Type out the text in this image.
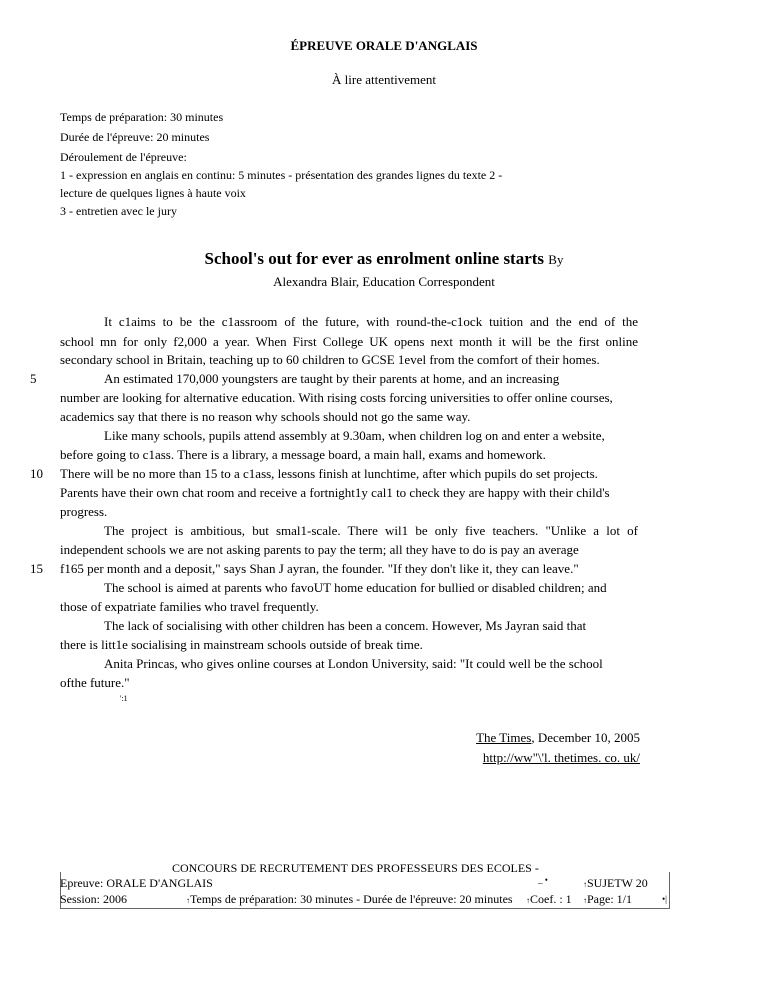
ÉPREUVE ORALE D'ANGLAIS
À lire attentivement
Temps de préparation: 30 minutes
Durée de l'épreuve: 20 minutes
Déroulement de l'épreuve:
1 - expression en anglais en continu: 5 minutes - présentation des grandes lignes du texte 2 -
lecture de quelques lignes à haute voix
3 - entretien avec le jury
School's out for ever as enrolment online starts By
Alexandra Blair, Education Correspondent
It c1aims to be the c1assroom of the future, with round-the-c1ock tuition and the end of the
school mn for only f2,000 a year. When First College UK opens next month it will be the first online
secondary school in Britain, teaching up to 60 children to GCSE 1evel from the comfort of their homes.
An estimated 170,000 youngsters are taught by their parents at home, and an increasing
number are looking for alternative education. With rising costs forcing universities to offer online courses,
academics say that there is no reason why schools should not go the same way.
Like many schools, pupils attend assembly at 9.30am, when children log on and enter a website,
before going to c1ass. There is a library, a message board, a main hall, exams and homework.
There will be no more than 15 to a c1ass, lessons finish at lunchtime, after which pupils do set projects.
Parents have their own chat room and receive a fortnight1y cal1 to check they are happy with their child's
progress.
The project is ambitious, but smal1-scale. There wil1 be only five teachers. "Unlike a lot of
independent schools we are not asking parents to pay the term; all they have to do is pay an average
f165 per month and a deposit," says Shan J ayran, the founder. "If they don't like it, they can leave."
The school is aimed at parents who favoUT home education for bullied or disabled children; and
those of expatriate families who travel frequently.
The lack of socialising with other children has been a concem. However, Ms Jayran said that
there is litt1e socialising in mainstream schools outside of break time.
Anita Princas, who gives online courses at London University, said: "It could well be the school
ofthe future."
':1
5
10
15
The Times, December 10, 2005
http://ww"\'l. thetimes. co. uk/
CONCOURS DE RECRUTEMENT DES PROFESSEURS DES ECOLES -
Epreuve: ORALE D'ANGLAIS	_ •	↑SUJETW 20
Session: 2006	↑Temps de préparation: 30 minutes - Durée de l'épreuve: 20 minutes ↑Coef. : 1 ↑Page: 1/1	•|
